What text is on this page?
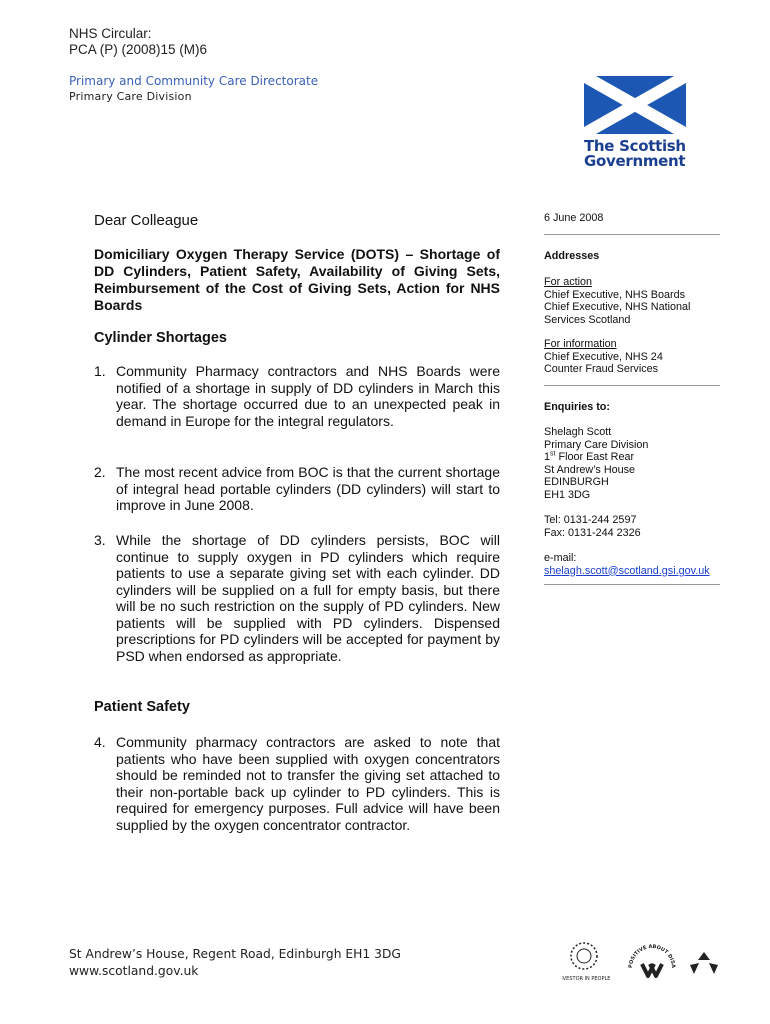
NHS Circular:
PCA (P) (2008)15 (M)6
Primary and Community Care Directorate
Primary Care Division
The Scottish
Government
Dear Colleague
Domiciliary Oxygen Therapy Service (DOTS) – Shortage of DD Cylinders, Patient Safety, Availability of Giving Sets, Reimbursement of the Cost of Giving Sets, Action for NHS Boards
Cylinder Shortages
1. Community Pharmacy contractors and NHS Boards were notified of a shortage in supply of DD cylinders in March this year. The shortage occurred due to an unexpected peak in demand in Europe for the integral regulators.
2. The most recent advice from BOC is that the current shortage of integral head portable cylinders (DD cylinders) will start to improve in June 2008.
3. While the shortage of DD cylinders persists, BOC will continue to supply oxygen in PD cylinders which require patients to use a separate giving set with each cylinder. DD cylinders will be supplied on a full for empty basis, but there will be no such restriction on the supply of PD cylinders. New patients will be supplied with PD cylinders. Dispensed prescriptions for PD cylinders will be accepted for payment by PSD when endorsed as appropriate.
Patient Safety
4. Community pharmacy contractors are asked to note that patients who have been supplied with oxygen concentrators should be reminded not to transfer the giving set attached to their non-portable back up cylinder to PD cylinders. This is required for emergency purposes. Full advice will have been supplied by the oxygen concentrator contractor.
6 June 2008
Addresses
For action
Chief Executive, NHS Boards
Chief Executive, NHS National
Services Scotland
For information
Chief Executive, NHS 24
Counter Fraud Services
Enquiries to:
Shelagh Scott
Primary Care Division
1st Floor East Rear
St Andrew’s House
EDINBURGH
EH1 3DG
Tel: 0131-244 2597
Fax: 0131-244 2326
e-mail:
shelagh.scott@scotland.gsi.gov.uk
St Andrew’s House, Regent Road, Edinburgh EH1 3DG
www.scotland.gov.uk
INVESTOR IN PEOPLE
POSITIVE ABOUT DISA
